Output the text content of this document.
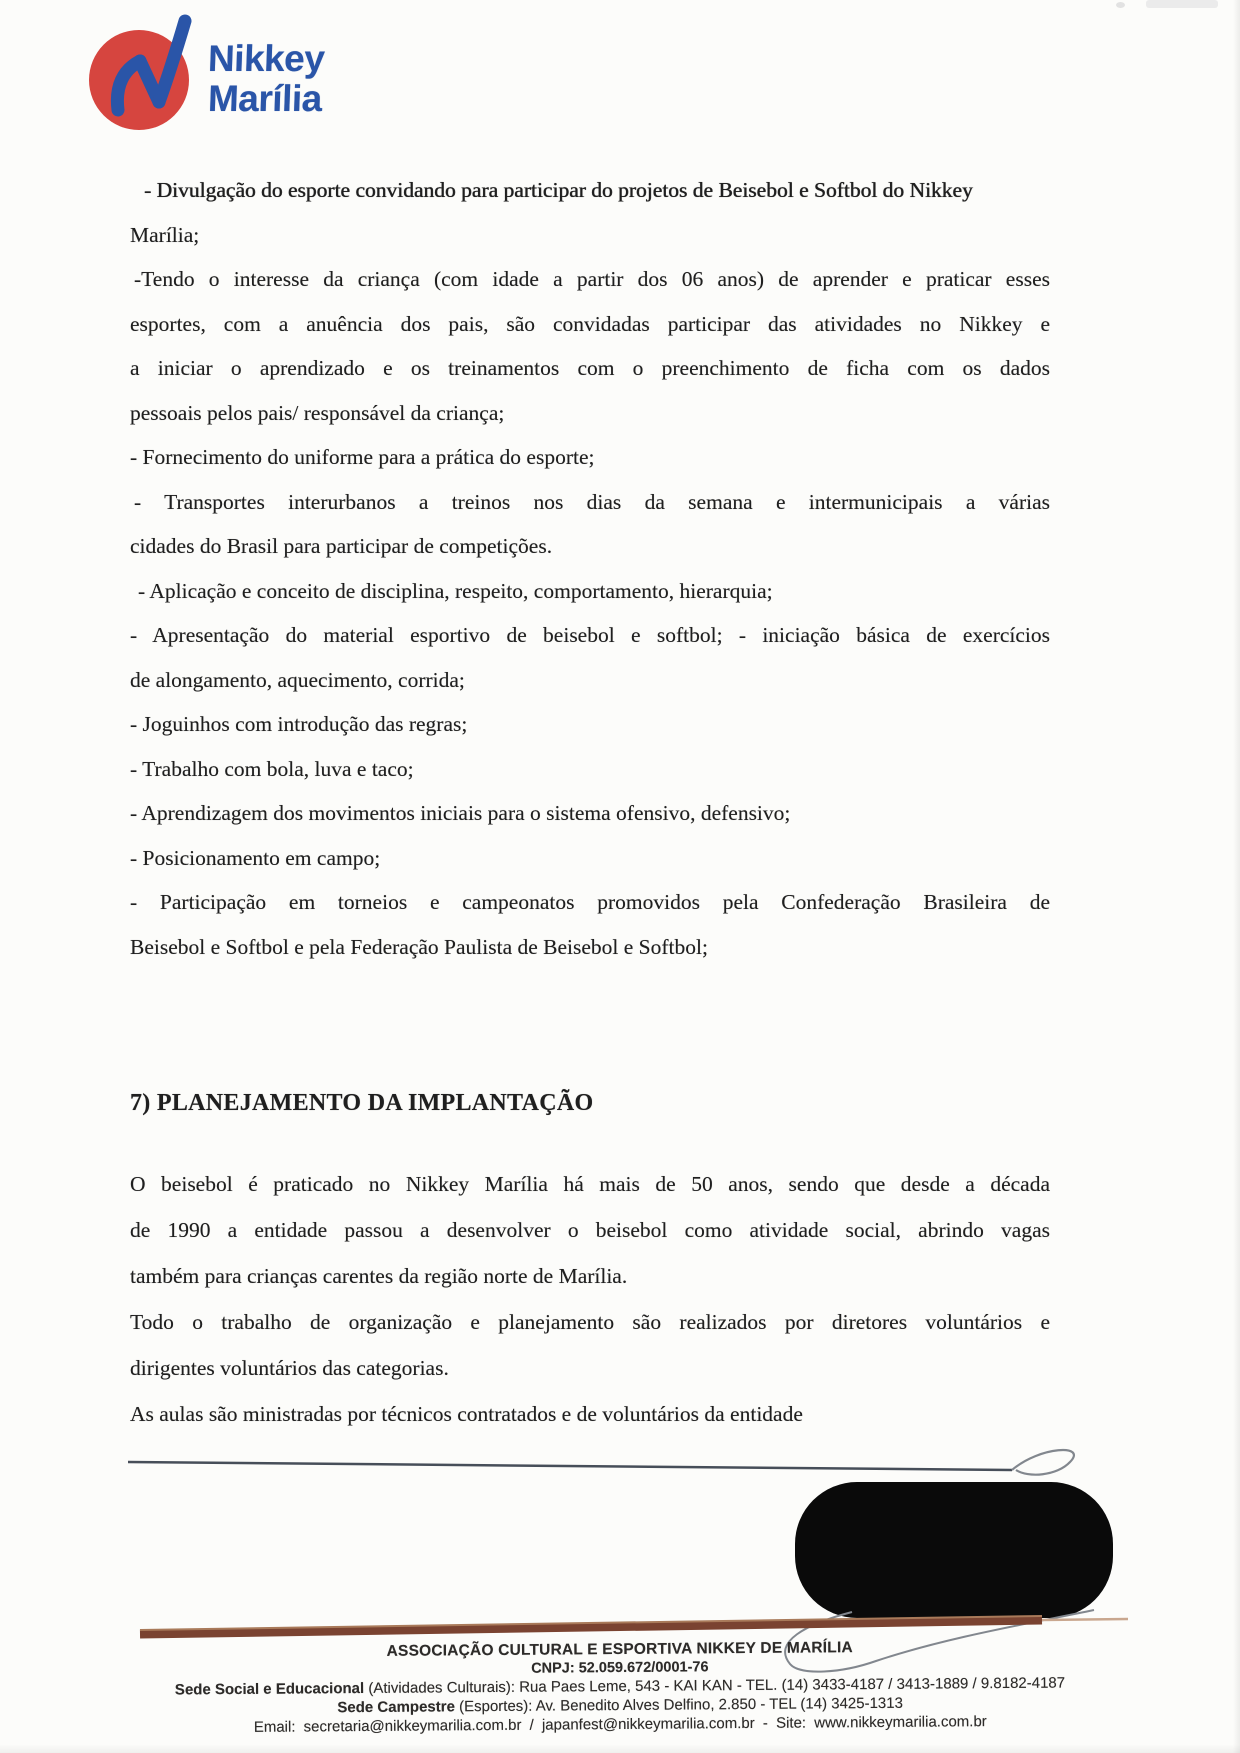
Nikkey
Marília
- Divulgação do esporte convidando para participar do projetos de Beisebol e Softbol do Nikkey
Marília;
-Tendo o interesse da criança (com idade a partir dos 06 anos) de aprender e praticar esses
esportes, com a anuência dos pais, são convidadas participar das atividades no Nikkey e
a iniciar o aprendizado e os treinamentos com o preenchimento de ficha com os dados
pessoais pelos pais/ responsável da criança;
- Fornecimento do uniforme para a prática do esporte;
- Transportes interurbanos a treinos nos dias da semana e intermunicipais a várias
cidades do Brasil para participar de competições.
- Aplicação e conceito de disciplina, respeito, comportamento, hierarquia;
- Apresentação do material esportivo de beisebol e softbol; - iniciação básica de exercícios
de alongamento, aquecimento, corrida;
- Joguinhos com introdução das regras;
- Trabalho com bola, luva e taco;
- Aprendizagem dos movimentos iniciais para o sistema ofensivo, defensivo;
- Posicionamento em campo;
- Participação em torneios e campeonatos promovidos pela Confederação Brasileira de
Beisebol e Softbol e pela Federação Paulista de Beisebol e Softbol;
7) PLANEJAMENTO DA IMPLANTAÇÃO
O beisebol é praticado no Nikkey Marília há mais de 50 anos, sendo que desde a década
de 1990 a entidade passou a desenvolver o beisebol como atividade social, abrindo vagas
também para crianças carentes da região norte de Marília.
Todo o trabalho de organização e planejamento são realizados por diretores voluntários e
dirigentes voluntários das categorias.
As aulas são ministradas por técnicos contratados e de voluntários da entidade
ASSOCIAÇÃO CULTURAL E ESPORTIVA NIKKEY DE MARÍLIA
CNPJ: 52.059.672/0001-76
Sede Social e Educacional (Atividades Culturais): Rua Paes Leme, 543 - KAI KAN - TEL. (14) 3433-4187 / 3413-1889 / 9.8182-4187
Sede Campestre (Esportes): Av. Benedito Alves Delfino, 2.850 - TEL (14) 3425-1313
Email: secretaria@nikkeymarilia.com.br / japanfest@nikkeymarilia.com.br - Site: www.nikkeymarilia.com.br
